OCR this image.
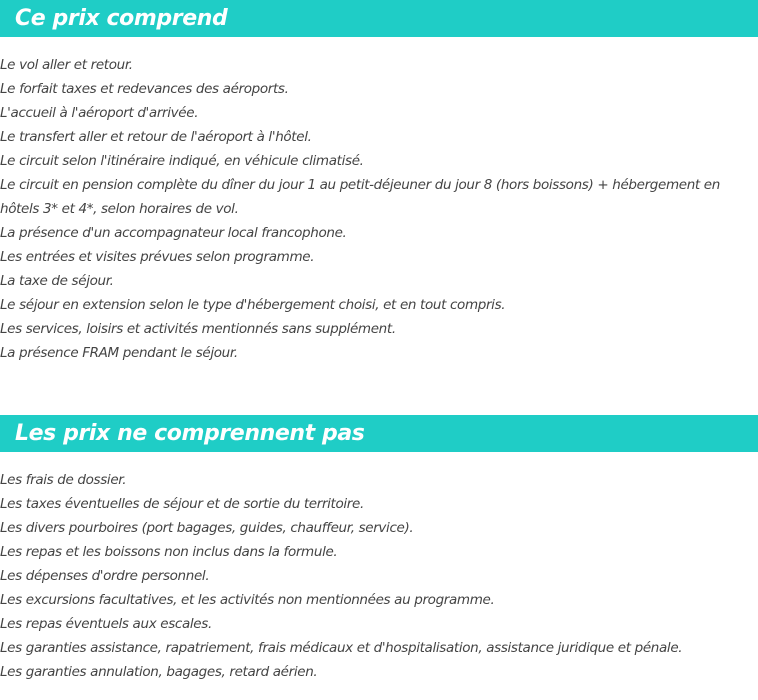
Ce prix comprend
Le vol aller et retour.
Le forfait taxes et redevances des aéroports.
L'accueil à l'aéroport d'arrivée.
Le transfert aller et retour de l'aéroport à l'hôtel.
Le circuit selon l'itinéraire indiqué, en véhicule climatisé.
Le circuit en pension complète du dîner du jour 1 au petit-déjeuner du jour 8 (hors boissons) + hébergement en hôtels 3* et 4*, selon horaires de vol.
La présence d'un accompagnateur local francophone.
Les entrées et visites prévues selon programme.
La taxe de séjour.
Le séjour en extension selon le type d'hébergement choisi, et en tout compris.
Les services, loisirs et activités mentionnés sans supplément.
La présence FRAM pendant le séjour.
Les prix ne comprennent pas
Les frais de dossier.
Les taxes éventuelles de séjour et de sortie du territoire.
Les divers pourboires (port bagages, guides, chauffeur, service).
Les repas et les boissons non inclus dans la formule.
Les dépenses d'ordre personnel.
Les excursions facultatives, et les activités non mentionnées au programme.
Les repas éventuels aux escales.
Les garanties assistance, rapatriement, frais médicaux et d'hospitalisation, assistance juridique et pénale.
Les garanties annulation, bagages, retard aérien.
